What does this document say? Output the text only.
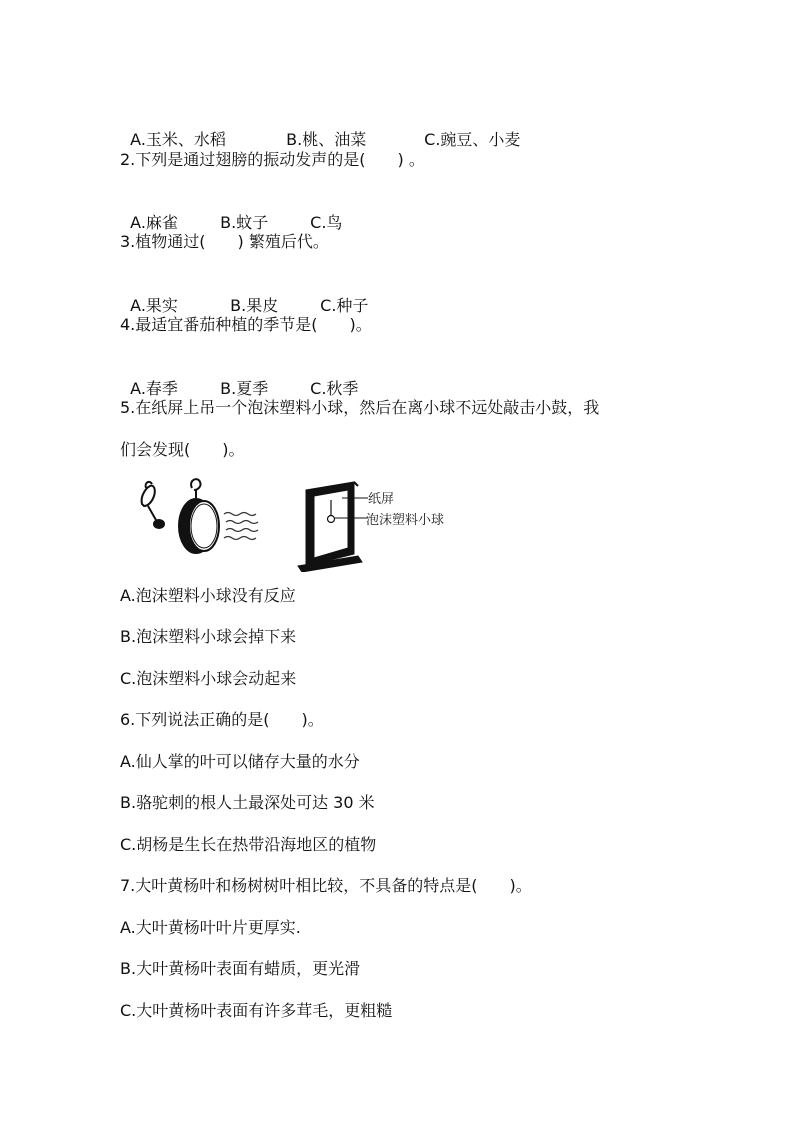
A.玉米、水稻	B.桃、油菜	C.豌豆、小麦

2.下列是通过翅膀的振动发声的是(　　) 。

A.麻雀	B.蚊子	C.鸟

3.植物通过(　　) 繁殖后代。

A.果实	B.果皮	C.种子

4.最适宜番茄种植的季节是(　　)。

A.春季	B.夏季	C.秋季

5.在纸屏上吊一个泡沫塑料小球，然后在离小球不远处敲击小鼓，我
们会发现(　　)。
纸屏
泡沫塑料小球
A.泡沫塑料小球没有反应
B.泡沫塑料小球会掉下来
C.泡沫塑料小球会动起来
6.下列说法正确的是(　　)。
A.仙人掌的叶可以储存大量的水分
B.骆驼刺的根人土最深处可达 30 米
C.胡杨是生长在热带沿海地区的植物
7.大叶黄杨叶和杨树树叶相比较，不具备的特点是(　　)。
A.大叶黄杨叶叶片更厚实.
B.大叶黄杨叶表面有蜡质，更光滑
C.大叶黄杨叶表面有许多茸毛，更粗糙
